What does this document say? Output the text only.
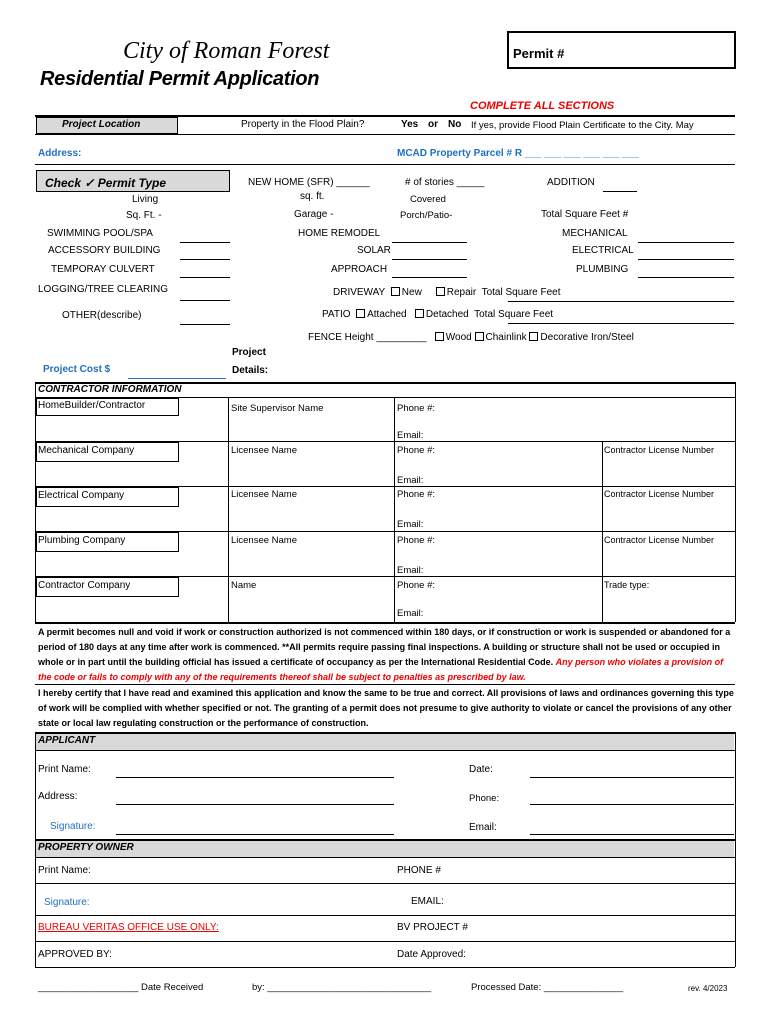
City of Roman Forest
Residential Permit Application
Permit #
COMPLETE ALL SECTIONS
Project Location	Property in the Flood Plain?	Yes or No If yes, provide Flood Plain Certificate to the City. May
Address:	MCAD Property Parcel # R ___ ___ ___ ___ ___ ___
Check ✓ Permit Type
Living
Sq. Ft. -
NEW HOME (SFR) ______
sq. ft.
Garage -
# of stories _____
Covered
Porch/Patio-
ADDITION
Total Square Feet #
SWIMMING POOL/SPA
ACCESSORY BUILDING
TEMPORAY CULVERT
LOGGING/TREE CLEARING
OTHER(describe)
HOME REMODEL
SOLAR
APPROACH
MECHANICAL
ELECTRICAL
PLUMBING
DRIVEWAY New Repair Total Square Feet
PATIO Attached Detached Total Square Feet
FENCE Height _________ Wood Chainlink Decorative Iron/Steel
Project Cost $
Project
Details:
CONTRACTOR INFORMATION
HomeBuilder/Contractor	Site Supervisor Name	Phone #:
Email:
Mechanical Company	Licensee Name	Phone #:	Contractor License Number
Email:
Electrical Company	Licensee Name	Phone #:	Contractor License Number
Email:
Plumbing Company	Licensee Name	Phone #:	Contractor License Number
Email:
Contractor Company	Name	Phone #:	Trade type:
Email:
A permit becomes null and void if work or construction authorized is not commenced within 180 days, or if construction or work is suspended or abandoned for a period of 180 days at any time after work is commenced. **All permits require passing final inspections. A building or structure shall not be used or occupied in whole or in part until the building official has issued a certificate of occupancy as per the International Residential Code. Any person who violates a provision of the code or fails to comply with any of the requirements thereof shall be subject to penalties as prescribed by law.
I hereby certify that I have read and examined this application and know the same to be true and correct. All provisions of laws and ordinances governing this type of work will be complied with whether specified or not. The granting of a permit does not presume to give authority to violate or cancel the provisions of any other state or local law regulating construction or the performance of construction.
APPLICANT
Print Name:	Date:
Address:	Phone:
Signature:	Email:
PROPERTY OWNER
Print Name:	PHONE #
Signature:	EMAIL:
BUREAU VERITAS OFFICE USE ONLY:	BV PROJECT #
APPROVED BY:	Date Approved:
___________________ Date Received	by: _______________________________	Processed Date: _______________	rev. 4/2023
